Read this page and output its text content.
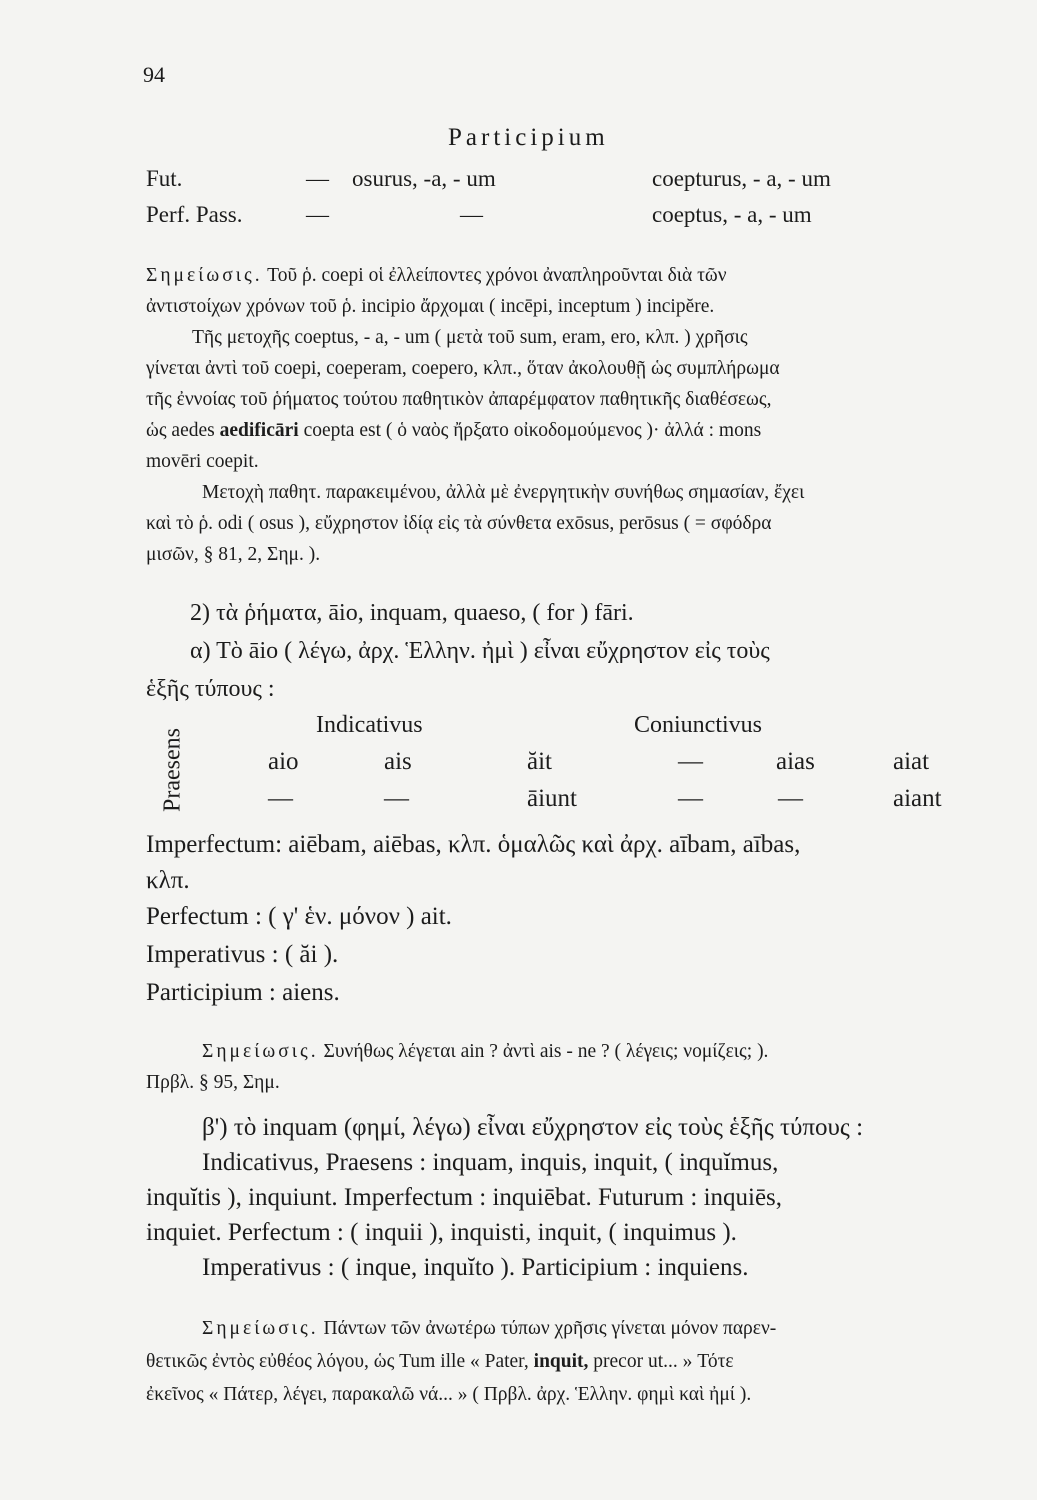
94
Participium
Fut.	— osurus, -a, - um	coepturus, - a, - um
Perf. Pass.	—	—	coeptus, - a, - um
Σημείωσις. Τοῦ ῥ. coepi οἱ ἐλλείποντες χρόνοι ἀναπληροῦνται διὰ τῶν
ἀντιστοίχων χρόνων τοῦ ῥ. incipio ἄρχομαι ( incēpi, inceptum ) incipĕre.
Τῆς μετοχῆς coeptus, - a, - um ( μετὰ τοῦ sum, eram, ero, κλπ. ) χρῆσις
γίνεται ἀντὶ τοῦ coepi, coeperam, coepero, κλπ., ὅταν ἀκολουθῇ ὡς συμπλήρωμα
τῆς ἐννοίας τοῦ ῥήματος τούτου παθητικὸν ἀπαρέμφατον παθητικῆς διαθέσεως,
ὡς aedes aedificāri coepta est ( ὁ ναὸς ἤρξατο οἰκοδομούμενος )· ἀλλά : mons
movēri coepit.
Μετοχὴ παθητ. παρακειμένου, ἀλλὰ μὲ ἐνεργητικὴν συνήθως σημασίαν, ἔχει
καὶ τὸ ῥ. odi ( osus ), εὔχρηστον ἰδίᾳ εἰς τὰ σύνθετα exōsus, perōsus ( = σφόδρα
μισῶν, § 81, 2, Σημ. ).
2) τὰ ῥήματα, āio, inquam, quaeso, ( for ) fāri.
α) Τὸ āio ( λέγω, ἀρχ. Ἑλλην. ἠμὶ ) εἶναι εὔχρηστον εἰς τοὺς
ἑξῆς τύπους :
Praesens
Indicativus	Coniunctivus
aio	ais	ăit	—	aias	aiat
—	—	āiunt	—	—	aiant
Imperfectum: aiēbam, aiēbas, κλπ. ὁμαλῶς καὶ ἀρχ. aībam, aības,
κλπ.
Perfectum : ( γ' ἑν. μόνον ) ait.
Imperativus : ( ăi ).
Participium : aiens.
Σημείωσις. Συνήθως λέγεται ain ? ἀντὶ ais - ne ? ( λέγεις; νομίζεις; ).
Πρβλ. § 95, Σημ.
β') τὸ inquam (φημί, λέγω) εἶναι εὔχρηστον εἰς τοὺς ἑξῆς τύπους :
Indicativus, Praesens : inquam, inquis, inquit, ( inquĭmus,
inquĭtis ), inquiunt. Imperfectum : inquiēbat. Futurum : inquiēs,
inquiet. Perfectum : ( inquii ), inquisti, inquit, ( inquimus ).
Imperativus : ( inque, inquĭto ). Participium : inquiens.
Σημείωσις. Πάντων τῶν ἀνωτέρω τύπων χρῆσις γίνεται μόνον παρεν-
θετικῶς ἐντὸς εὐθέος λόγου, ὡς Tum ille « Pater, inquit, precor ut... » Τότε
ἐκεῖνος « Πάτερ, λέγει, παρακαλῶ νά... » ( Πρβλ. ἀρχ. Ἑλλην. φημὶ καὶ ἠμί ).
